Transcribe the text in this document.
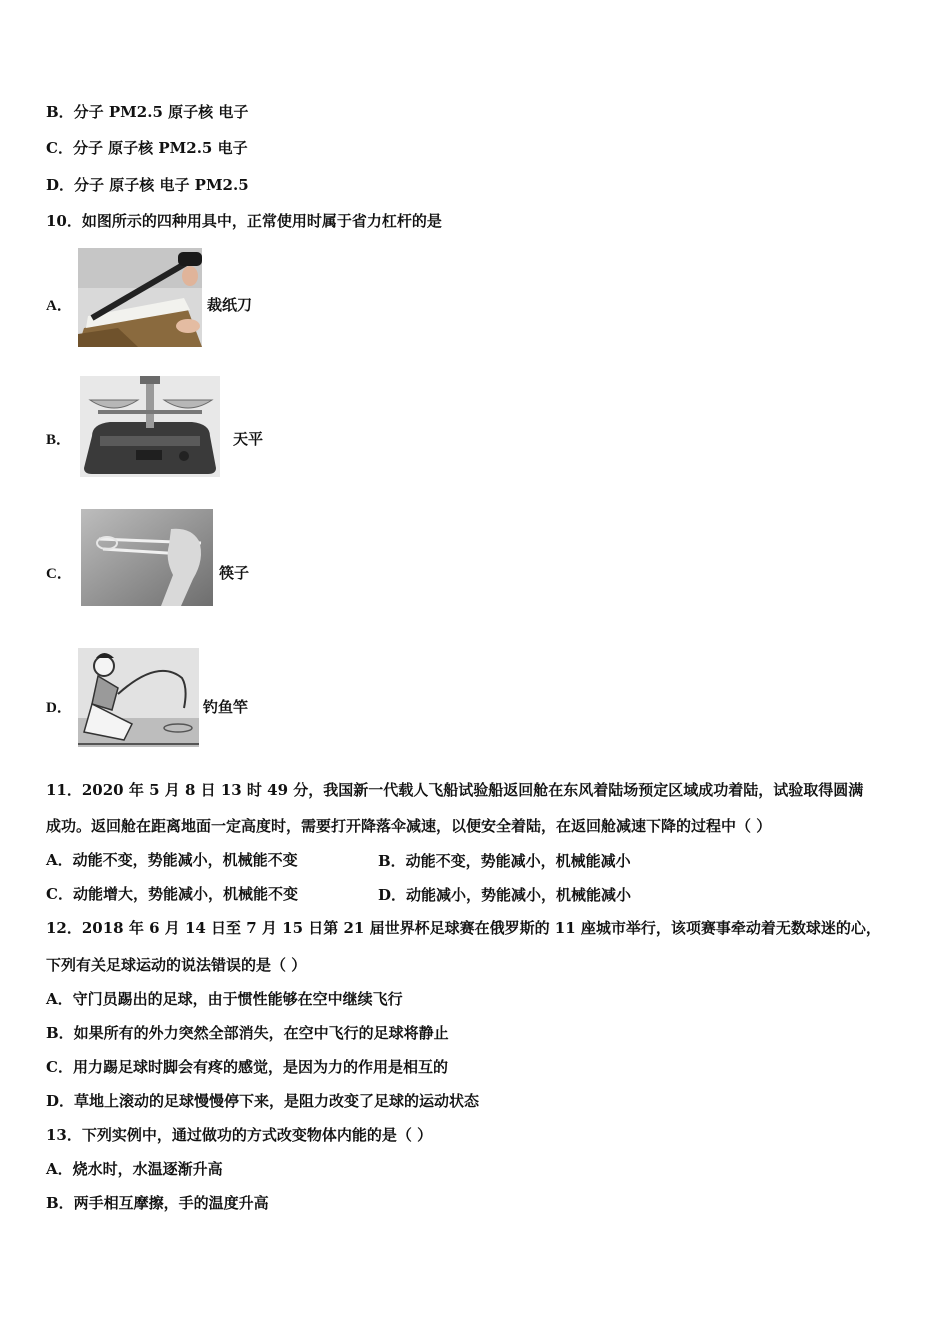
B．分子 PM2.5 原子核 电子
C．分子 原子核 PM2.5 电子
D．分子 原子核 电子 PM2.5
10．如图所示的四种用具中，正常使用时属于省力杠杆的是
A．	裁纸刀
B．	天平
C．	筷子
D．	钓鱼竿
11．2020 年 5 月 8 日 13 时 49 分，我国新一代载人飞船试验船返回舱在东风着陆场预定区域成功着陆，试验取得圆满
成功。返回舱在距离地面一定高度时，需要打开降落伞减速，以便安全着陆，在返回舱减速下降的过程中（ ）
A．动能不变，势能减小，机械能不变	B．动能不变，势能减小，机械能减小
C．动能增大，势能减小，机械能不变	D．动能减小，势能减小，机械能减小
12．2018 年 6 月 14 日至 7 月 15 日第 21 届世界杯足球赛在俄罗斯的 11 座城市举行，该项赛事牵动着无数球迷的心，
下列有关足球运动的说法错误的是（ ）
A．守门员踢出的足球，由于惯性能够在空中继续飞行
B．如果所有的外力突然全部消失，在空中飞行的足球将静止
C．用力踢足球时脚会有疼的感觉，是因为力的作用是相互的
D．草地上滚动的足球慢慢停下来，是阻力改变了足球的运动状态
13．下列实例中，通过做功的方式改变物体内能的是（ ）
A．烧水时，水温逐渐升高
B．两手相互摩擦，手的温度升高
